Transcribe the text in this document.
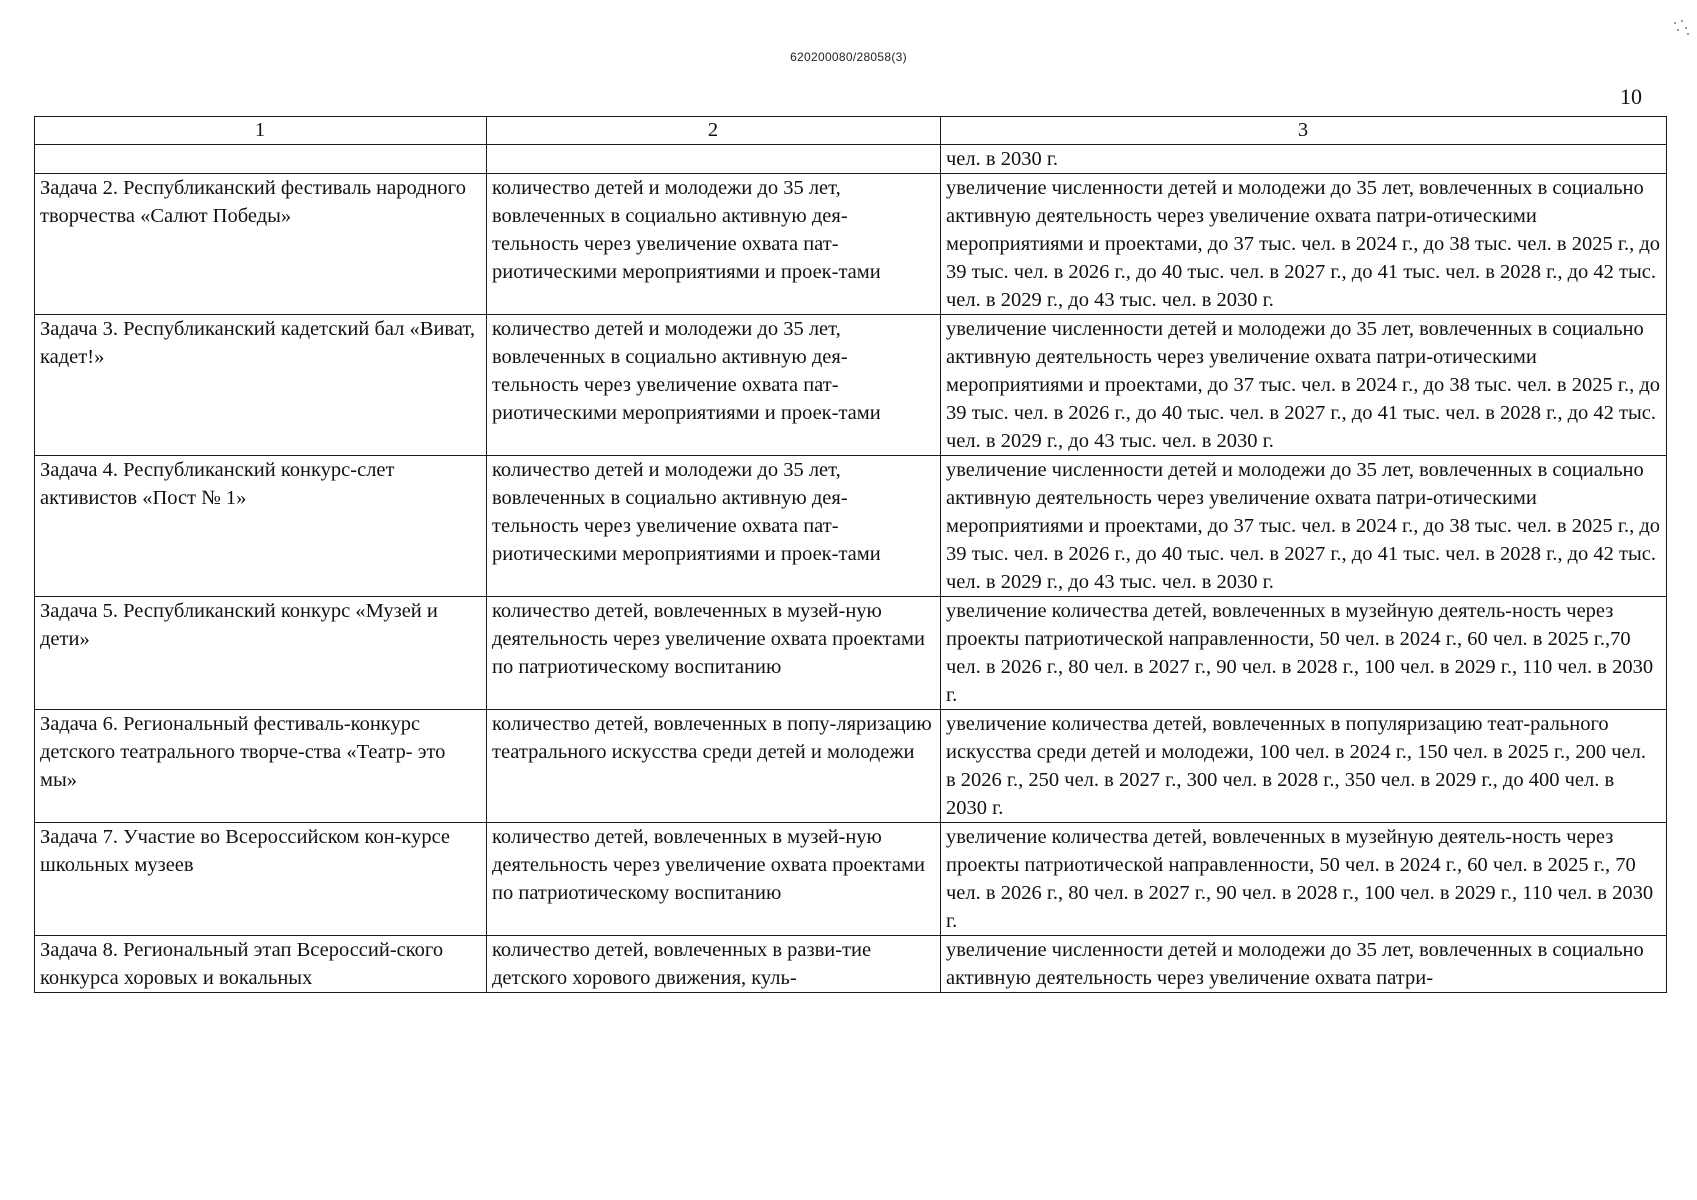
620200080/28058(3)
10
1	2	3
		чел. в 2030 г.
Задача 2. Республиканский фестиваль народного творчества «Салют Победы»	количество детей и молодежи до 35 лет, вовлеченных в социально активную дея-тельность через увеличение охвата пат-риотическими мероприятиями и проек-тами	увеличение численности детей и молодежи до 35 лет, вовлеченных в социально активную деятельность через увеличение охвата патри-отическими мероприятиями и проектами, до 37 тыс. чел. в 2024 г., до 38 тыс. чел. в 2025 г., до 39 тыс. чел. в 2026 г., до 40 тыс. чел. в 2027 г., до 41 тыс. чел. в 2028 г., до 42 тыс. чел. в 2029 г., до 43 тыс. чел. в 2030 г.
Задача 3. Республиканский кадетский бал «Виват, кадет!»	количество детей и молодежи до 35 лет, вовлеченных в социально активную дея-тельность через увеличение охвата пат-риотическими мероприятиями и проек-тами	увеличение численности детей и молодежи до 35 лет, вовлеченных в социально активную деятельность через увеличение охвата патри-отическими мероприятиями и проектами, до 37 тыс. чел. в 2024 г., до 38 тыс. чел. в 2025 г., до 39 тыс. чел. в 2026 г., до 40 тыс. чел. в 2027 г., до 41 тыс. чел. в 2028 г., до 42 тыс. чел. в 2029 г., до 43 тыс. чел. в 2030 г.
Задача 4. Республиканский конкурс-слет активистов «Пост № 1»	количество детей и молодежи до 35 лет, вовлеченных в социально активную дея-тельность через увеличение охвата пат-риотическими мероприятиями и проек-тами	увеличение численности детей и молодежи до 35 лет, вовлеченных в социально активную деятельность через увеличение охвата патри-отическими мероприятиями и проектами, до 37 тыс. чел. в 2024 г., до 38 тыс. чел. в 2025 г., до 39 тыс. чел. в 2026 г., до 40 тыс. чел. в 2027 г., до 41 тыс. чел. в 2028 г., до 42 тыс. чел. в 2029 г., до 43 тыс. чел. в 2030 г.
Задача 5. Республиканский конкурс «Музей и дети»	количество детей, вовлеченных в музей-ную деятельность через увеличение охвата проектами по патриотическому воспитанию	увеличение количества детей, вовлеченных в музейную деятель-ность через проекты патриотической направленности, 50 чел. в 2024 г., 60 чел. в 2025 г.,70 чел. в 2026 г., 80 чел. в 2027 г., 90 чел. в 2028 г., 100 чел. в 2029 г., 110 чел. в 2030 г.
Задача 6. Региональный фестиваль-конкурс детского театрального творче-ства «Театр- это мы»	количество детей, вовлеченных в попу-ляризацию театрального искусства среди детей и молодежи	увеличение количества детей, вовлеченных в популяризацию теат-рального искусства среди детей и молодежи, 100 чел. в 2024 г., 150 чел. в 2025 г., 200 чел. в 2026 г., 250 чел. в 2027 г., 300 чел. в 2028 г., 350 чел. в 2029 г., до 400 чел. в 2030 г.
Задача 7. Участие во Всероссийском кон-курсе школьных музеев	количество детей, вовлеченных в музей-ную деятельность через увеличение охвата проектами по патриотическому воспитанию	увеличение количества детей, вовлеченных в музейную деятель-ность через проекты патриотической направленности, 50 чел. в 2024 г., 60 чел. в 2025 г., 70 чел. в 2026 г., 80 чел. в 2027 г., 90 чел. в 2028 г., 100 чел. в 2029 г., 110 чел. в 2030 г.
Задача 8. Региональный этап Всероссий-ского конкурса хоровых и вокальных	количество детей, вовлеченных в разви-тие детского хорового движения, куль-	увеличение численности детей и молодежи до 35 лет, вовлеченных в социально активную деятельность через увеличение охвата патри-
